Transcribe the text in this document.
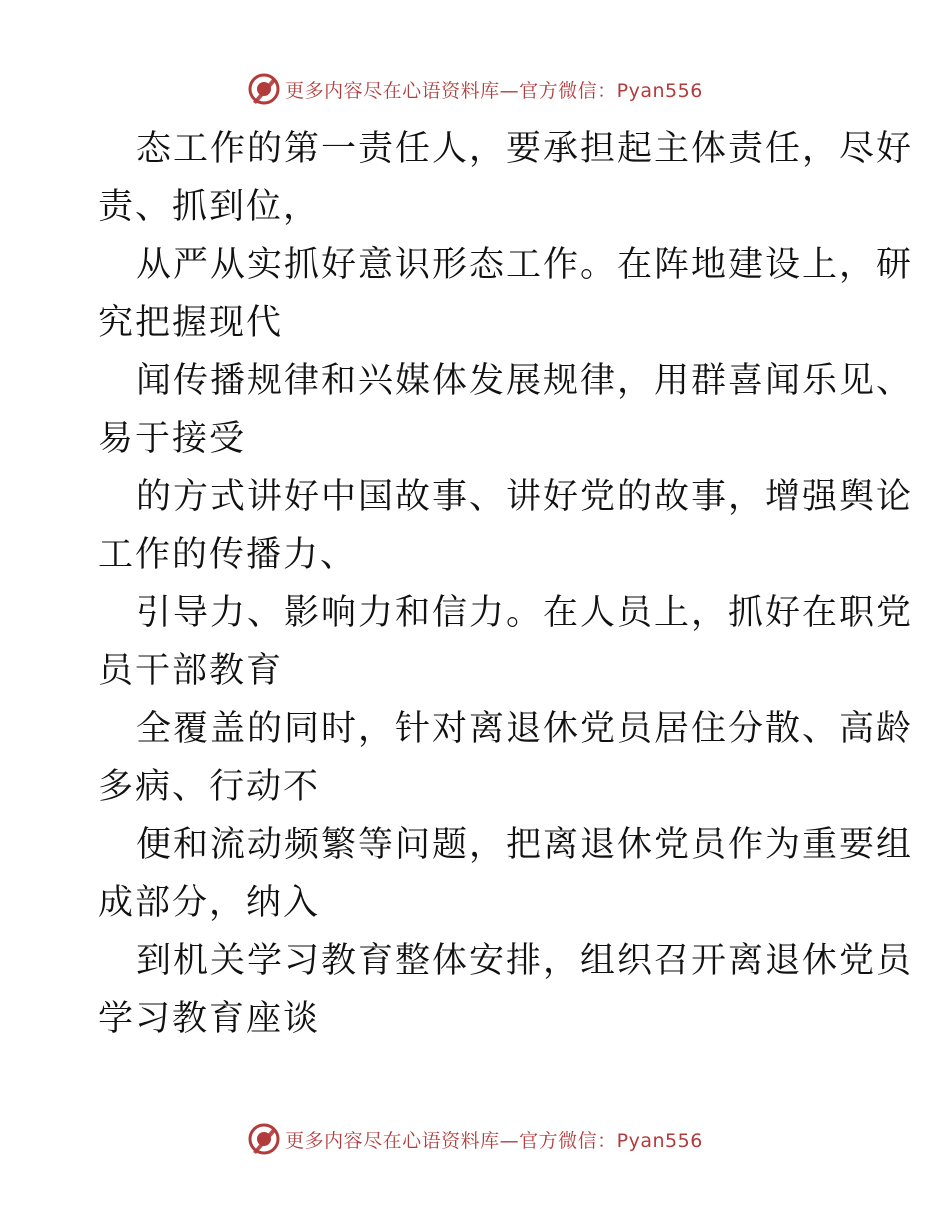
更多内容尽在心语资料库—官方微信：Pyan556
态工作的第一责任人，要承担起主体责任，尽好
责、抓到位，
从严从实抓好意识形态工作。在阵地建设上，研
究把握现代
闻传播规律和兴媒体发展规律，用群喜闻乐见、
易于接受
的方式讲好中国故事、讲好党的故事，增强舆论
工作的传播力、
引导力、影响力和信力。在人员上，抓好在职党
员干部教育
全覆盖的同时，针对离退休党员居住分散、高龄
多病、行动不
便和流动频繁等问题，把离退休党员作为重要组
成部分，纳入
到机关学习教育整体安排，组织召开离退休党员
学习教育座谈
更多内容尽在心语资料库—官方微信：Pyan556
